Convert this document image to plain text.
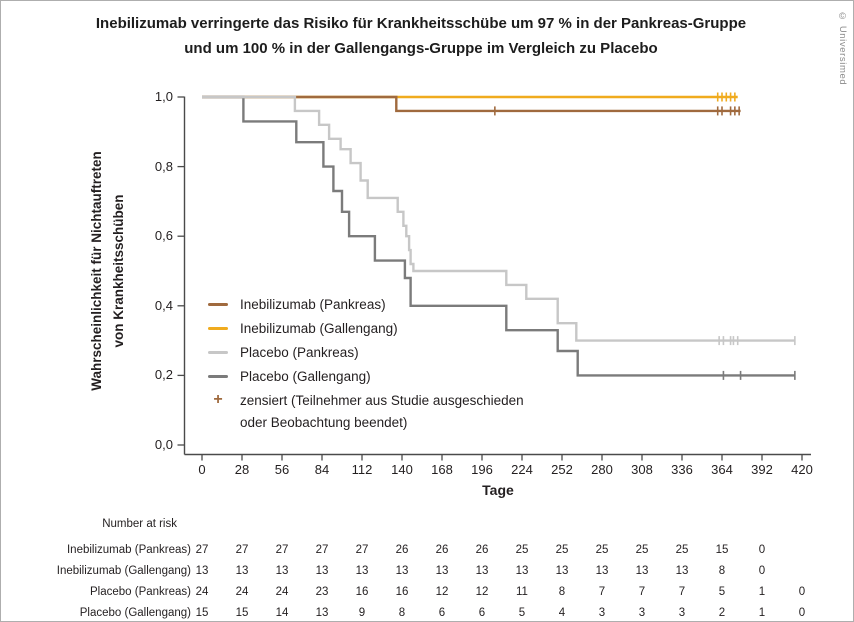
Inebilizumab verringerte das Risiko für Krankheitsschübe um 97 % in der Pankreas-Gruppe
und um 100 % in der Gallengangs-Gruppe im Vergleich zu Placebo	© Universimed
0	28	56	84	112	140	168	196	224	252	280	308	336	364	392	420
0,0
0,2
0,4
0,6
0,8
1,0
Wahrscheinlichkeit für Nichtauftreten von Krankheitsschüben
Tage
Inebilizumab (Pankreas)
Inebilizumab (Gallengang)
Placebo (Pankreas)
Placebo (Gallengang)
+	zensiert (Teilnehmer aus Studie ausgeschieden
oder Beobachtung beendet)
Number at risk
Inebilizumab (Pankreas) 27	27	27	27	27	26	26	26	25	25	25	25	25	15	0
Inebilizumab (Gallengang) 13	13	13	13	13	13	13	13	13	13	13	13	13	8	0
Placebo (Pankreas) 24	24	24	23	16	16	12	12	11	8	7	7	7	5	1	0
Placebo (Gallengang) 15	15	14	13	9	8	6	6	5	4	3	3	3	2	1	0
